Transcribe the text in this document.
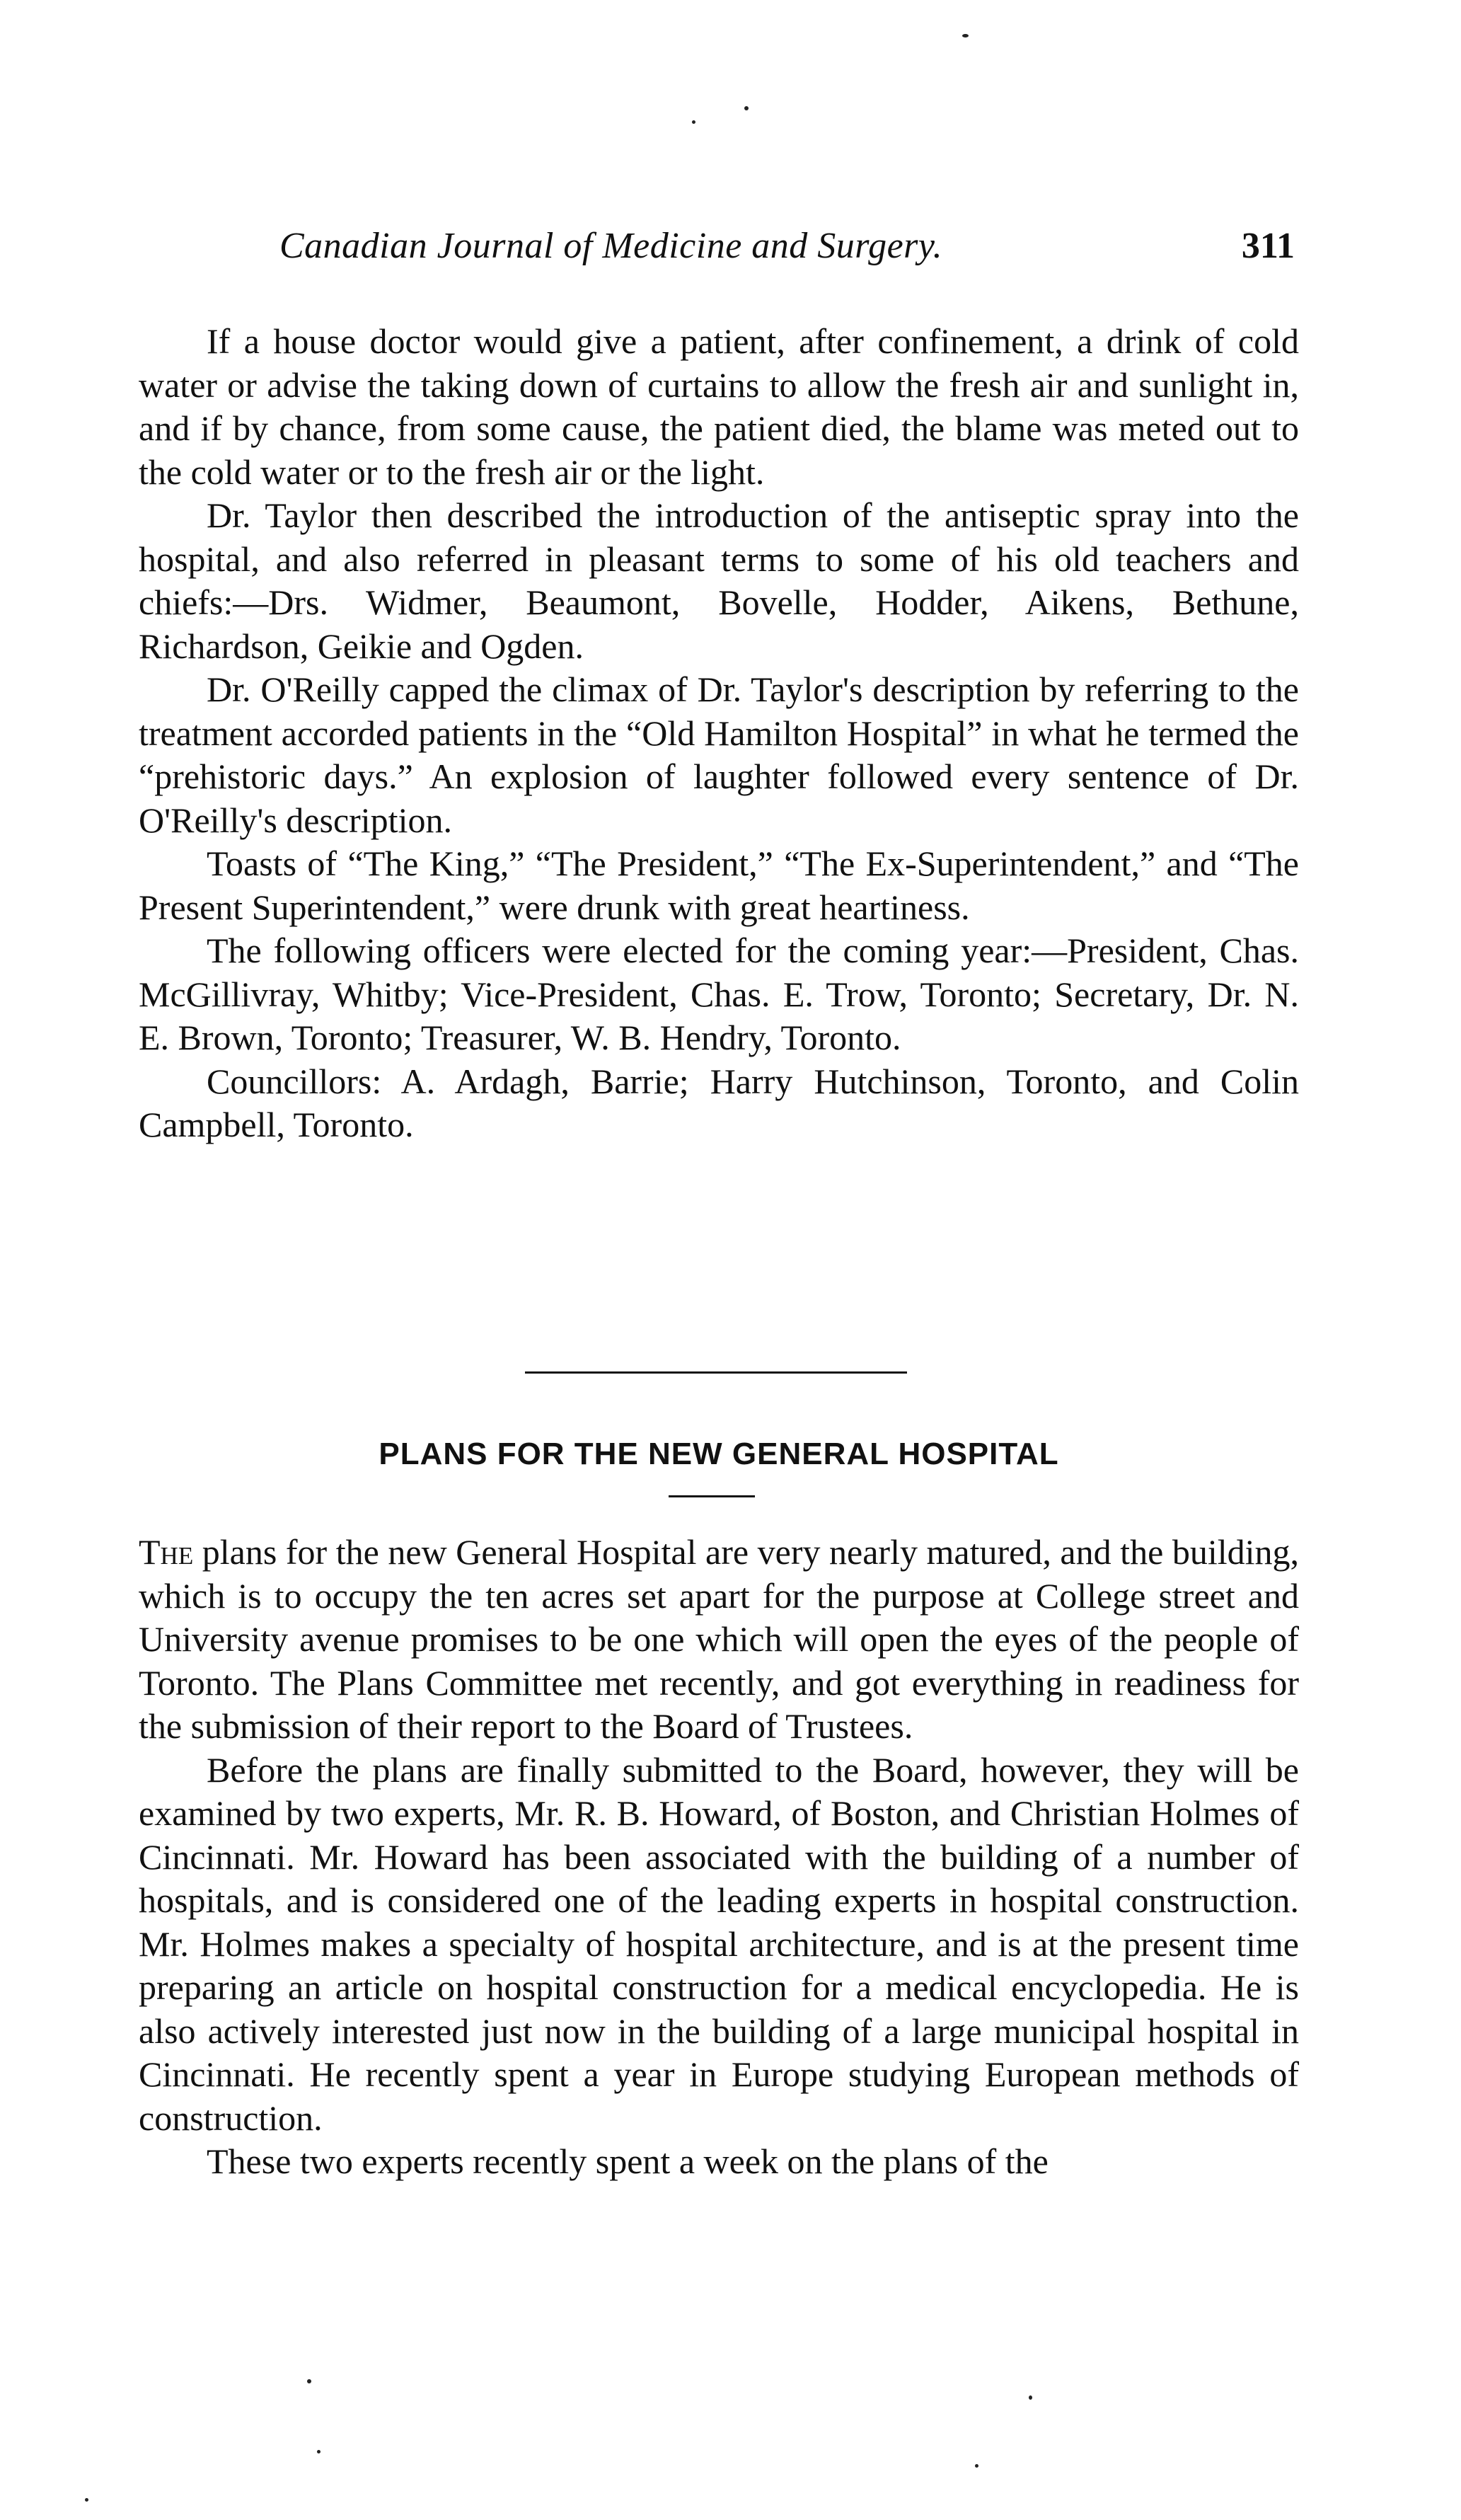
Canadian Journal of Medicine and Surgery.	311

If a house doctor would give a patient, after confinement, a drink of cold water or advise the taking down of curtains to allow the fresh air and sunlight in, and if by chance, from some cause, the patient died, the blame was meted out to the cold water or to the fresh air or the light.

Dr. Taylor then described the introduction of the antiseptic spray into the hospital, and also referred in pleasant terms to some of his old teachers and chiefs:—Drs. Widmer, Beaumont, Bovelle, Hodder, Aikens, Bethune, Richardson, Geikie and Ogden.

Dr. O'Reilly capped the climax of Dr. Taylor's description by referring to the treatment accorded patients in the “Old Hamilton Hospital” in what he termed the “prehistoric days.” An explosion of laughter followed every sentence of Dr. O'Reilly's description.

Toasts of “The King,” “The President,” “The Ex-Superintendent,” and “The Present Superintendent,” were drunk with great heartiness.

The following officers were elected for the coming year:—President, Chas. McGillivray, Whitby; Vice-President, Chas. E. Trow, Toronto; Secretary, Dr. N. E. Brown, Toronto; Treasurer, W. B. Hendry, Toronto.

Councillors: A. Ardagh, Barrie; Harry Hutchinson, Toronto, and Colin Campbell, Toronto.

PLANS FOR THE NEW GENERAL HOSPITAL

The plans for the new General Hospital are very nearly matured, and the building, which is to occupy the ten acres set apart for the purpose at College street and University avenue promises to be one which will open the eyes of the people of Toronto. The Plans Committee met recently, and got everything in readiness for the submission of their report to the Board of Trustees.

Before the plans are finally submitted to the Board, however, they will be examined by two experts, Mr. R. B. Howard, of Boston, and Christian Holmes of Cincinnati. Mr. Howard has been associated with the building of a number of hospitals, and is considered one of the leading experts in hospital construction. Mr. Holmes makes a specialty of hospital architecture, and is at the present time preparing an article on hospital construction for a medical encyclopedia. He is also actively interested just now in the building of a large municipal hospital in Cincinnati. He recently spent a year in Europe studying European methods of construction.

These two experts recently spent a week on the plans of the
